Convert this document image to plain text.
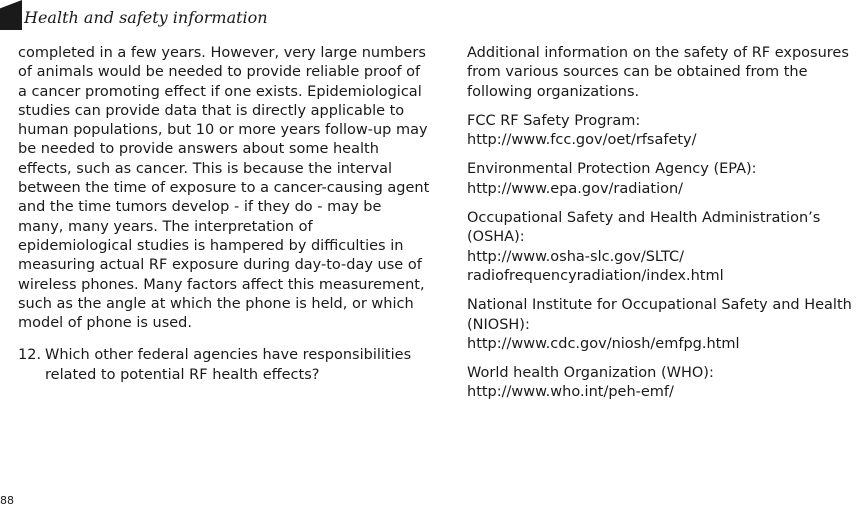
Health and safety information

completed in a few years. However, very large numbers of animals would be needed to provide reliable proof of a cancer promoting effect if one exists. Epidemiological studies can provide data that is directly applicable to human populations, but 10 or more years follow-up may be needed to provide answers about some health effects, such as cancer. This is because the interval between the time of exposure to a cancer-causing agent and the time tumors develop - if they do - may be many, many years. The interpretation of epidemiological studies is hampered by difficulties in measuring actual RF exposure during day-to-day use of wireless phones. Many factors affect this measurement, such as the angle at which the phone is held, or which model of phone is used.

12. Which other federal agencies have responsibilities related to potential RF health effects?

Additional information on the safety of RF exposures from various sources can be obtained from the following organizations.

FCC RF Safety Program:
http://www.fcc.gov/oet/rfsafety/
Environmental Protection Agency (EPA):
http://www.epa.gov/radiation/
Occupational Safety and Health Administration’s (OSHA):
http://www.osha-slc.gov/SLTC/ radiofrequencyradiation/index.html
National Institute for Occupational Safety and Health (NIOSH):
http://www.cdc.gov/niosh/emfpg.html
World health Organization (WHO):
http://www.who.int/peh-emf/
88
